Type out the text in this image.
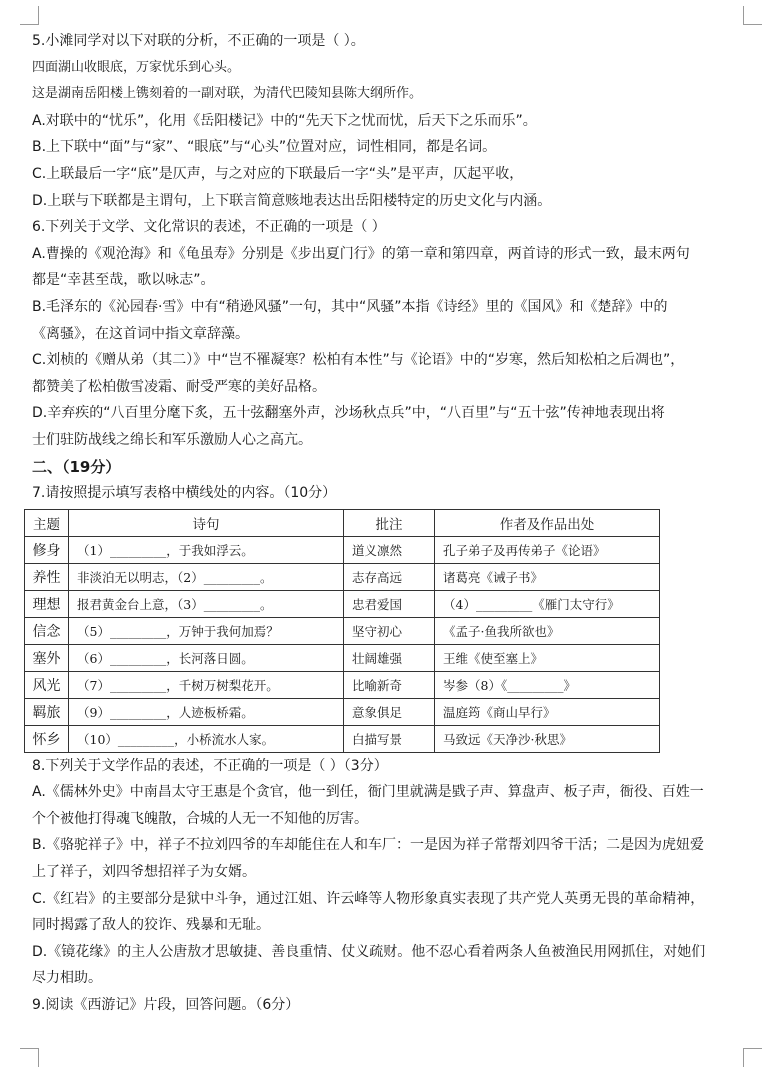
5.小滩同学对以下对联的分析，不正确的一项是（ ）。
四面湖山收眼底，万家忧乐到心头。
这是湖南岳阳楼上镌刻着的一副对联，为清代巴陵知县陈大纲所作。
A.对联中的“忧乐”，化用《岳阳楼记》中的“先天下之忧而忧，后天下之乐而乐”。
B.上下联中“面”与“家”、“眼底”与“心头”位置对应，词性相同，都是名词。
C.上联最后一字“底”是仄声，与之对应的下联最后一字“头”是平声，仄起平收，
D.上联与下联都是主谓句，上下联言简意赅地表达出岳阳楼特定的历史文化与内涵。
6.下列关于文学、文化常识的表述，不正确的一项是（ ）
A.曹操的《观沧海》和《龟虽寿》分别是《步出夏门行》的第一章和第四章，两首诗的形式一致，最末两句
都是“幸甚至哉，歌以咏志”。
B.毛泽东的《沁园春·雪》中有“稍逊风骚”一句，其中“风骚”本指《诗经》里的《国风》和《楚辞》中的
《离骚》，在这首词中指文章辞藻。
C.刘桢的《赠从弟（其二）》中“岂不罹凝寒？松柏有本性”与《论语》中的“岁寒，然后知松柏之后凋也”，
都赞美了松柏傲雪凌霜、耐受严寒的美好品格。
D.辛弃疾的“八百里分麾下炙，五十弦翻塞外声，沙场秋点兵”中，“八百里”与“五十弦”传神地表现出将
士们驻防战线之绵长和军乐激励人心之高亢。
二、（19分）
7.请按照提示填写表格中横线处的内容。（10分）
主题	诗句	批注	作者及作品出处
修身	（1）_________，于我如浮云。	道义凛然	孔子弟子及再传弟子《论语》
养性	非淡泊无以明志，（2）_________。	志存高远	诸葛亮《诫子书》
理想	报君黄金台上意，（3）_________。	忠君爱国	（4）_________《雁门太守行》
信念	（5）_________，万钟于我何加焉？	坚守初心	《孟子·鱼我所欲也》
塞外	（6）_________，长河落日圆。	壮阔雄强	王维《使至塞上》
风光	（7）_________，千树万树梨花开。	比喻新奇	岑参（8）《_________》
羁旅	（9）_________，人迹板桥霜。	意象俱足	温庭筠《商山早行》
怀乡	（10）_________，小桥流水人家。	白描写景	马致远《天净沙·秋思》
8.下列关于文学作品的表述，不正确的一项是（ ）（3分）
A.《儒林外史》中南昌太守王惠是个贪官，他一到任，衙门里就满是戥子声、算盘声、板子声，衙役、百姓一
个个被他打得魂飞魄散，合城的人无一不知他的厉害。
B.《骆驼祥子》中，祥子不拉刘四爷的车却能住在人和车厂：一是因为祥子常帮刘四爷干活；二是因为虎妞爱
上了祥子，刘四爷想招祥子为女婿。
C.《红岩》的主要部分是狱中斗争，通过江姐、许云峰等人物形象真实表现了共产党人英勇无畏的革命精神，
同时揭露了敌人的狡诈、残暴和无耻。
D.《镜花缘》的主人公唐敖才思敏捷、善良重情、仗义疏财。他不忍心看着两条人鱼被渔民用网抓住，对她们
尽力相助。
9.阅读《西游记》片段，回答问题。（6分）
